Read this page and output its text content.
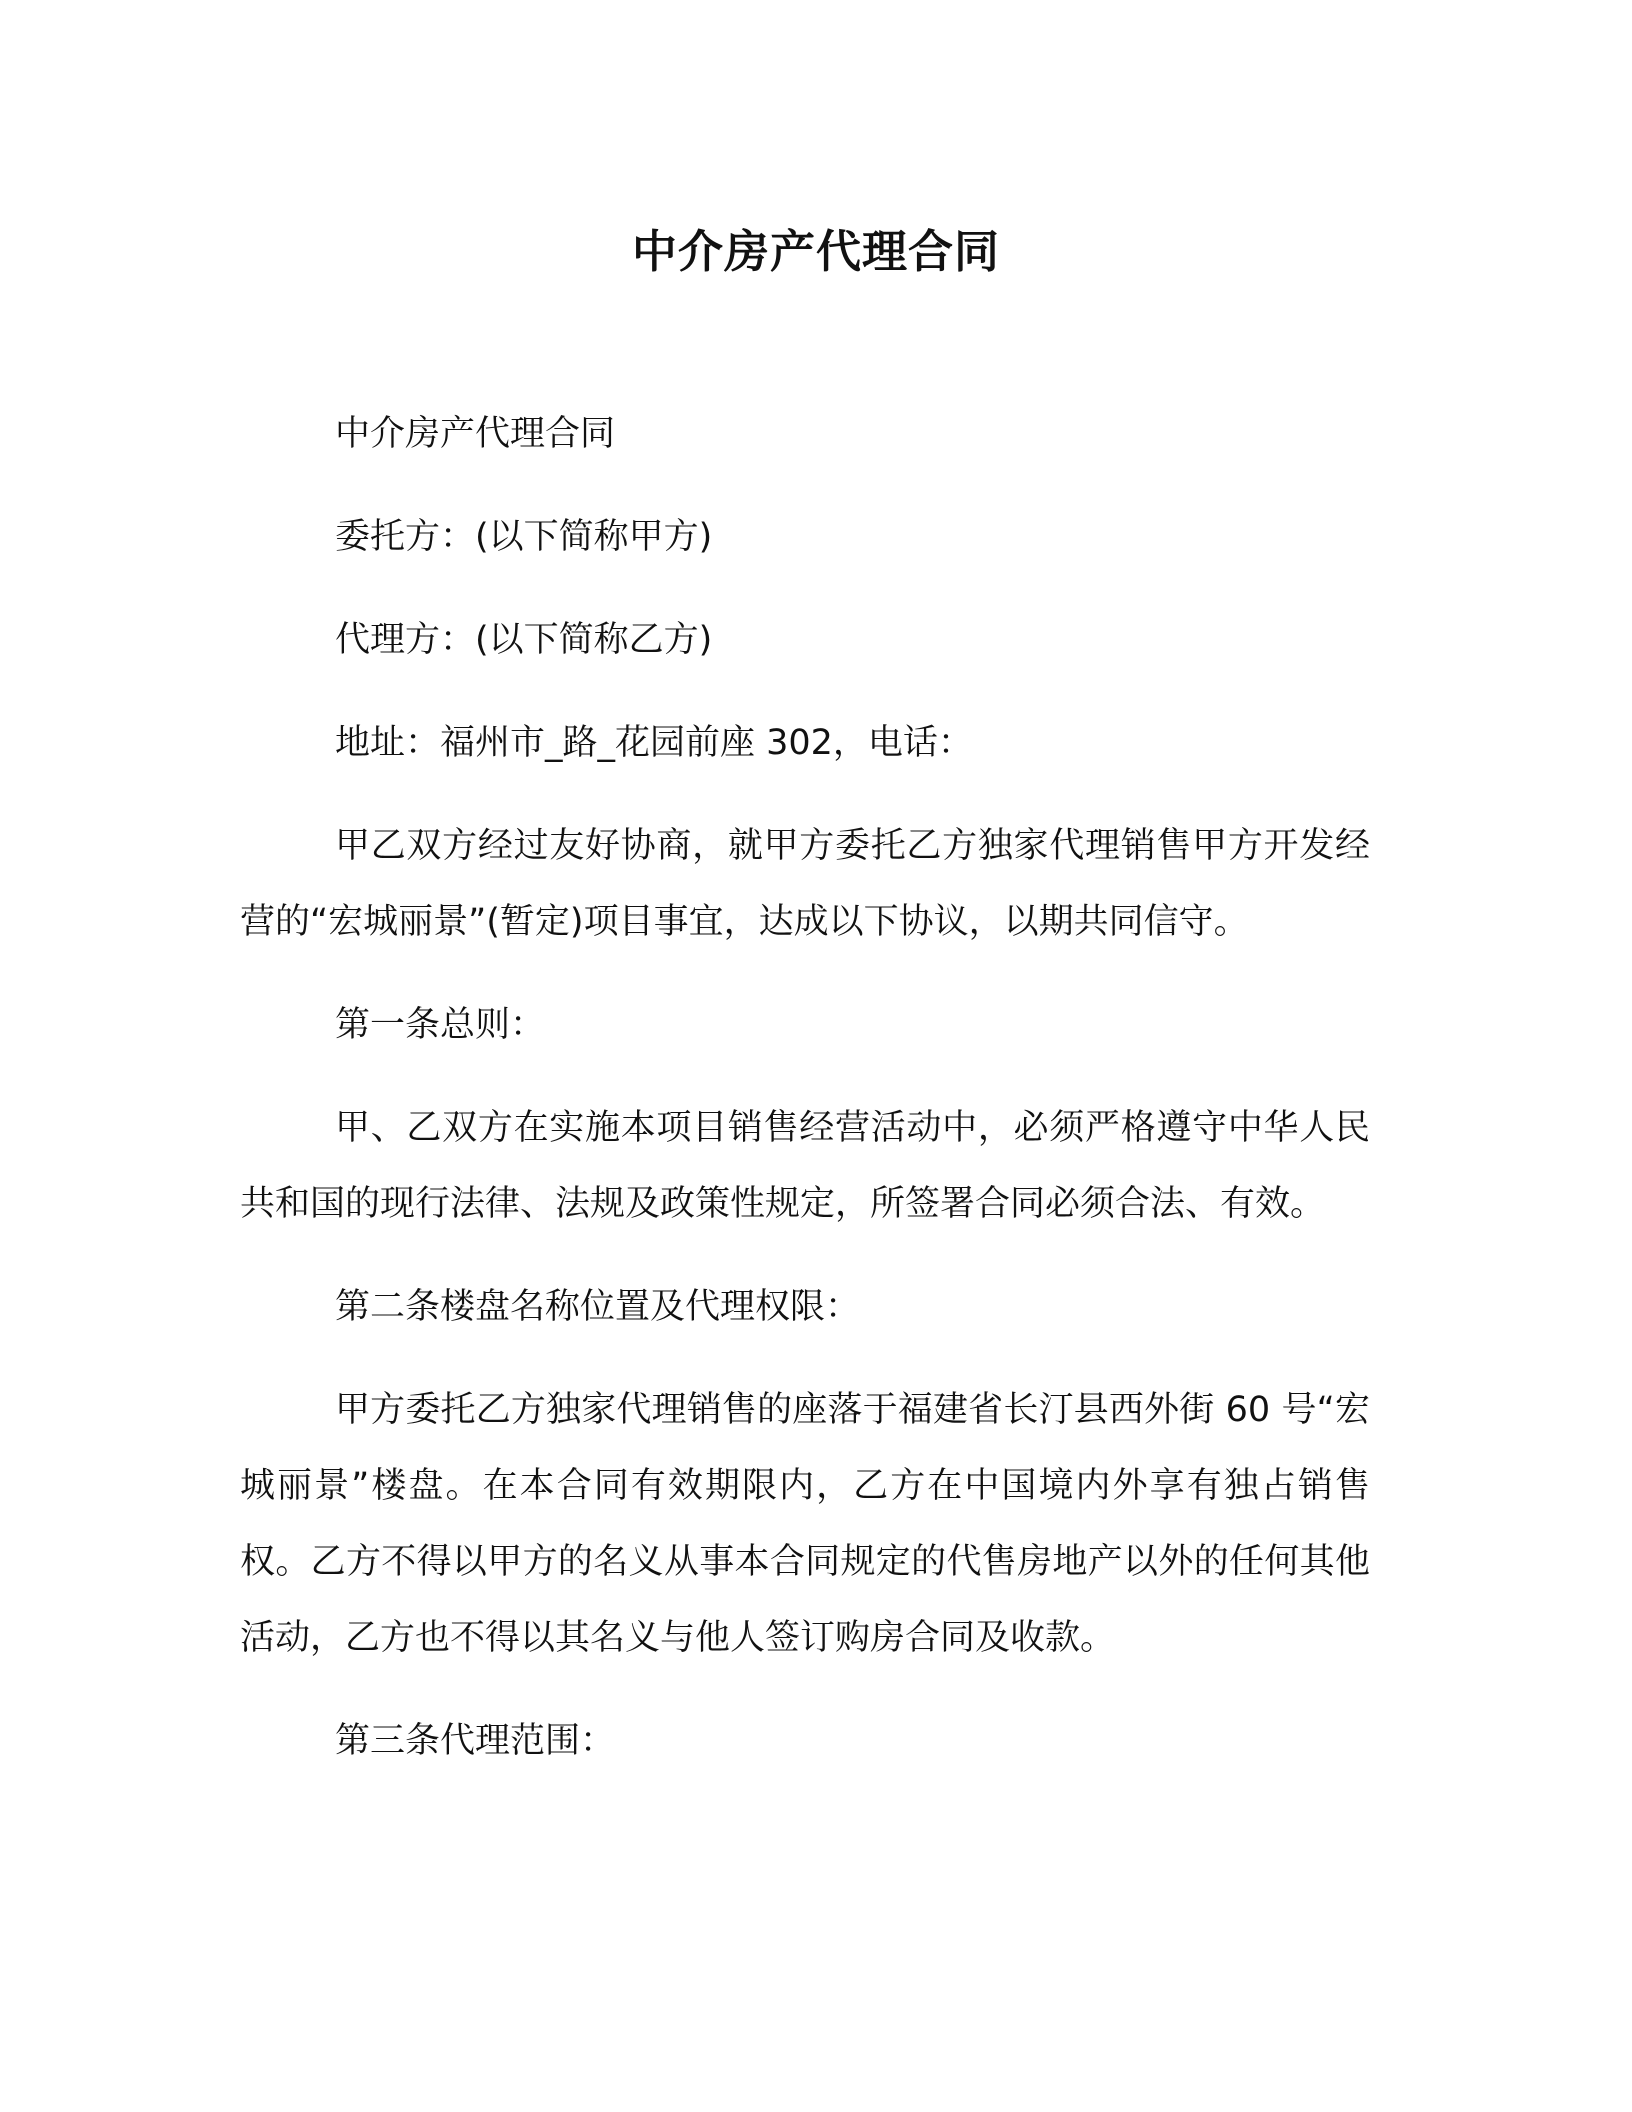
中介房产代理合同

中介房产代理合同

委托方：(以下简称甲方)

代理方：(以下简称乙方)

地址：福州市_路_花园前座 302，电话：

甲乙双方经过友好协商，就甲方委托乙方独家代理销售甲方开发经营的“宏城丽景”(暂定)项目事宜，达成以下协议，以期共同信守。

第一条总则：

甲、乙双方在实施本项目销售经营活动中，必须严格遵守中华人民共和国的现行法律、法规及政策性规定，所签署合同必须合法、有效。

第二条楼盘名称位置及代理权限：

甲方委托乙方独家代理销售的座落于福建省长汀县西外街 60 号“宏城丽景”楼盘。在本合同有效期限内，乙方在中国境内外享有独占销售权。乙方不得以甲方的名义从事本合同规定的代售房地产以外的任何其他活动，乙方也不得以其名义与他人签订购房合同及收款。

第三条代理范围：
